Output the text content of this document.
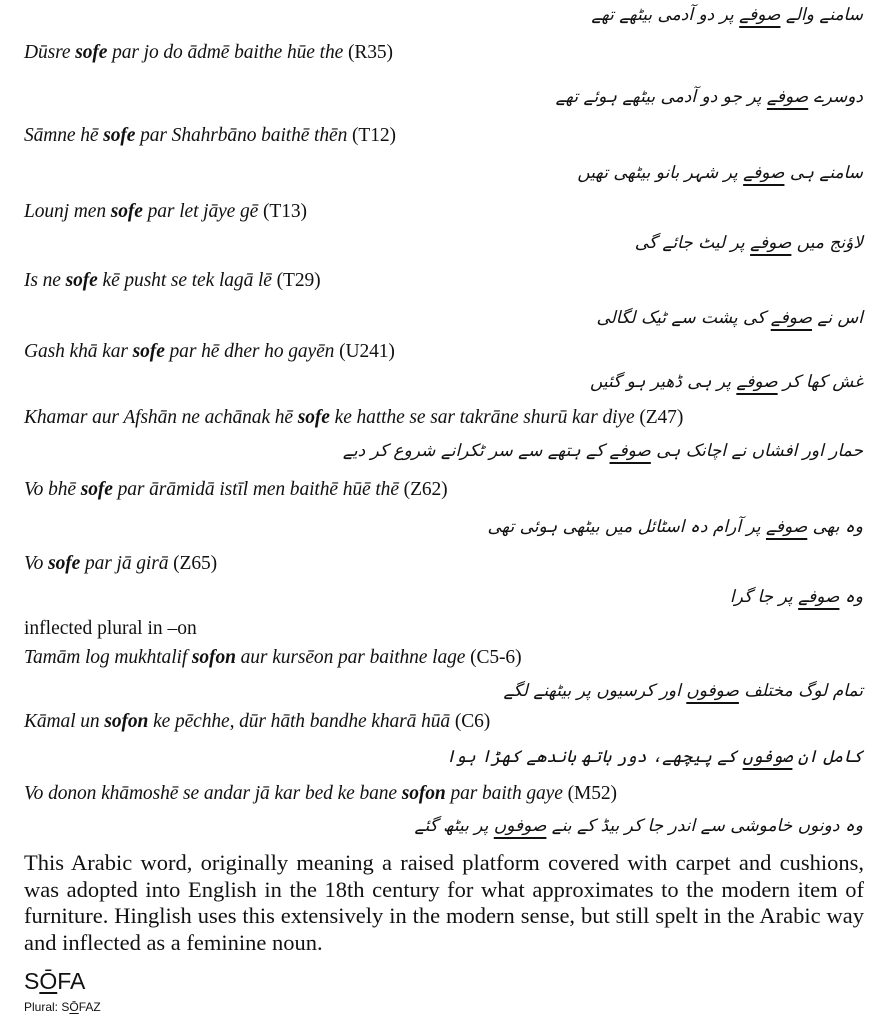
سامنے والے صوفے پر دو آدمی بیٹھے تھے
Dūsre sofe par jo do ādmē baithe hūe the (R35)
دوسرے صوفے پر جو دو آدمی بیٹھے ہوئے تھے
Sāmne hē sofe par Shahrbāno baithē thēn (T12)
سامنے ہی صوفے پر شہر بانو بیٹھی تھیں
Lounj men sofe par let jāye gē (T13)
لاؤنج میں صوفے پر لیٹ جائے گی
Is ne sofe kē pusht se tek lagā lē (T29)
اس نے صوفے کی پشت سے ٹیک لگالی
Gash khā kar sofe par hē dher ho gayēn (U241)
غش کھا کر صوفے پر ہی ڈھیر ہو گئیں
Khamar aur Afshān ne achānak hē sofe ke hatthe se sar takrāne shurū kar diye (Z47)
حمار اور افشاں نے اچانک ہی صوفے کے ہتھے سے سر ٹکرانے شروع کر دیے
Vo bhē sofe par ārāmidā istīl men baithē hūē thē (Z62)
وہ بھی صوفے پر آرام دہ اسٹائل میں بیٹھی ہوئی تھی
Vo sofe par jā girā (Z65)
وہ صوفے پر جا گرا
inflected plural in –on
Tamām log mukhtalif sofon aur kursēon par baithne lage (C5-6)
تمام لوگ مختلف صوفوں اور کرسیوں پر بیٹھنے لگے
Kāmal un sofon ke pēchhe, dūr hāth bandhe kharā hūā (C6)
کامل ان صوفوں کے پیچھے، دور ہاتھ باندھے کھڑا ہوا
Vo donon khāmoshē se andar jā kar bed ke bane sofon par baith gaye (M52)
وہ دونوں خاموشی سے اندر جا کر بیڈ کے بنے صوفوں پر بیٹھ گئے
This Arabic word, originally meaning a raised platform covered with carpet and cushions, was adopted into English in the 18th century for what approximates to the modern item of furniture. Hinglish uses this extensively in the modern sense, but still spelt in the Arabic way and inflected as a feminine noun.
SŌFA
Plural: SŌFAZ
